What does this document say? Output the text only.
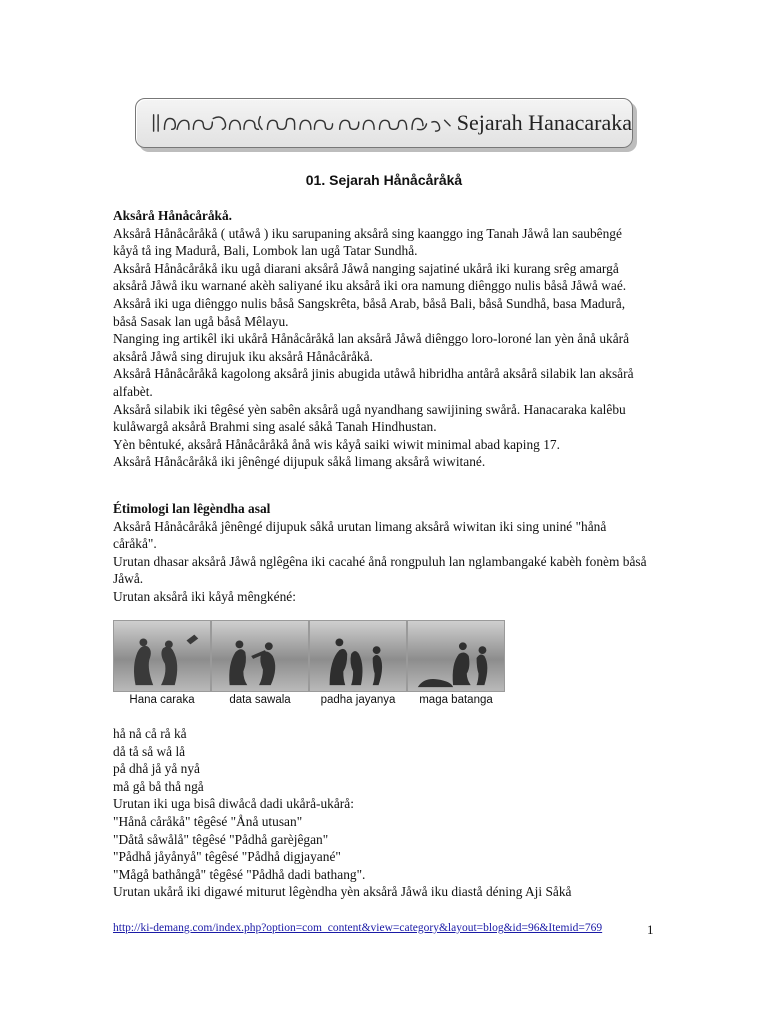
Sejarah Hanacaraka
01. Sejarah Hånåcåråkå

Aksårå Hånåcåråkå.

Aksårå Hånåcåråkå ( utåwå ) iku sarupaning aksårå sing kaanggo ing Tanah Jåwå lan saubêngé kåyå tå ing Madurå, Bali, Lombok lan ugå Tatar Sundhå.

Aksårå Hånåcåråkå iku ugå diarani aksårå Jåwå nanging sajatiné ukårå iki kurang srêg amargå aksårå Jåwå iku warnané akèh saliyané iku aksårå iki ora namung diênggo nulis båså Jåwå waé.

Aksårå iki uga diênggo nulis båså Sangskrêta, båså Arab, båså Bali, båså Sundhå, basa Madurå, båså Sasak lan ugå båså Mêlayu.

Nanging ing artikêl iki ukårå Hånåcåråkå lan aksårå Jåwå diênggo loro-loroné lan yèn ånå ukårå aksårå Jåwå sing dirujuk iku aksårå Hånåcåråkå.

Aksårå Hånåcåråkå kagolong aksårå jinis abugida utåwå hibridha antårå aksårå silabik lan aksårå alfabèt.

Aksårå silabik iki têgêsé yèn sabên aksårå ugå nyandhang sawijining swårå. Hanacaraka kalêbu kulåwargå aksårå Brahmi sing asalé såkå Tanah Hindhustan.

Yèn bêntuké, aksårå Hånåcåråkå ånå wis kåyå saiki wiwit minimal abad kaping 17.

Aksårå Hånåcåråkå iki jênêngé dijupuk såkå limang aksårå wiwitané.

Étimologi lan lêgèndha asal

Aksårå Hånåcåråkå jênêngé dijupuk såkå urutan limang aksårå wiwitan iki sing uniné "hånå cåråkå".

Urutan dhasar aksårå Jåwå nglêgêna iki cacahé ånå rongpuluh lan nglambangaké kabèh fonèm båså Jåwå.

Urutan aksårå iki kåyå mêngkéné:

Hana caraka	data sawala	padha jayanya	maga batanga

hå nå cå rå kå

då tå så wå lå

på dhå jå yå nyå

må gå bå thå ngå

Urutan iki uga bisâ diwåcå dadi ukårå-ukårå:

"Hånå cåråkå" têgêsé "Ånå utusan"

"Dåtå såwålå" têgêsé "Pådhå garèjêgan"

"Pådhå jåyånyå" têgêsé "Pådhå digjayané"

"Mågå bathångå" têgêsé "Pådhå dadi bathang".

Urutan ukårå iki digawé miturut lêgèndha yèn aksårå Jåwå iku diastå déning Aji Såkå

http://ki-demang.com/index.php?option=com_content&view=category&layout=blog&id=96&Itemid=769	1
